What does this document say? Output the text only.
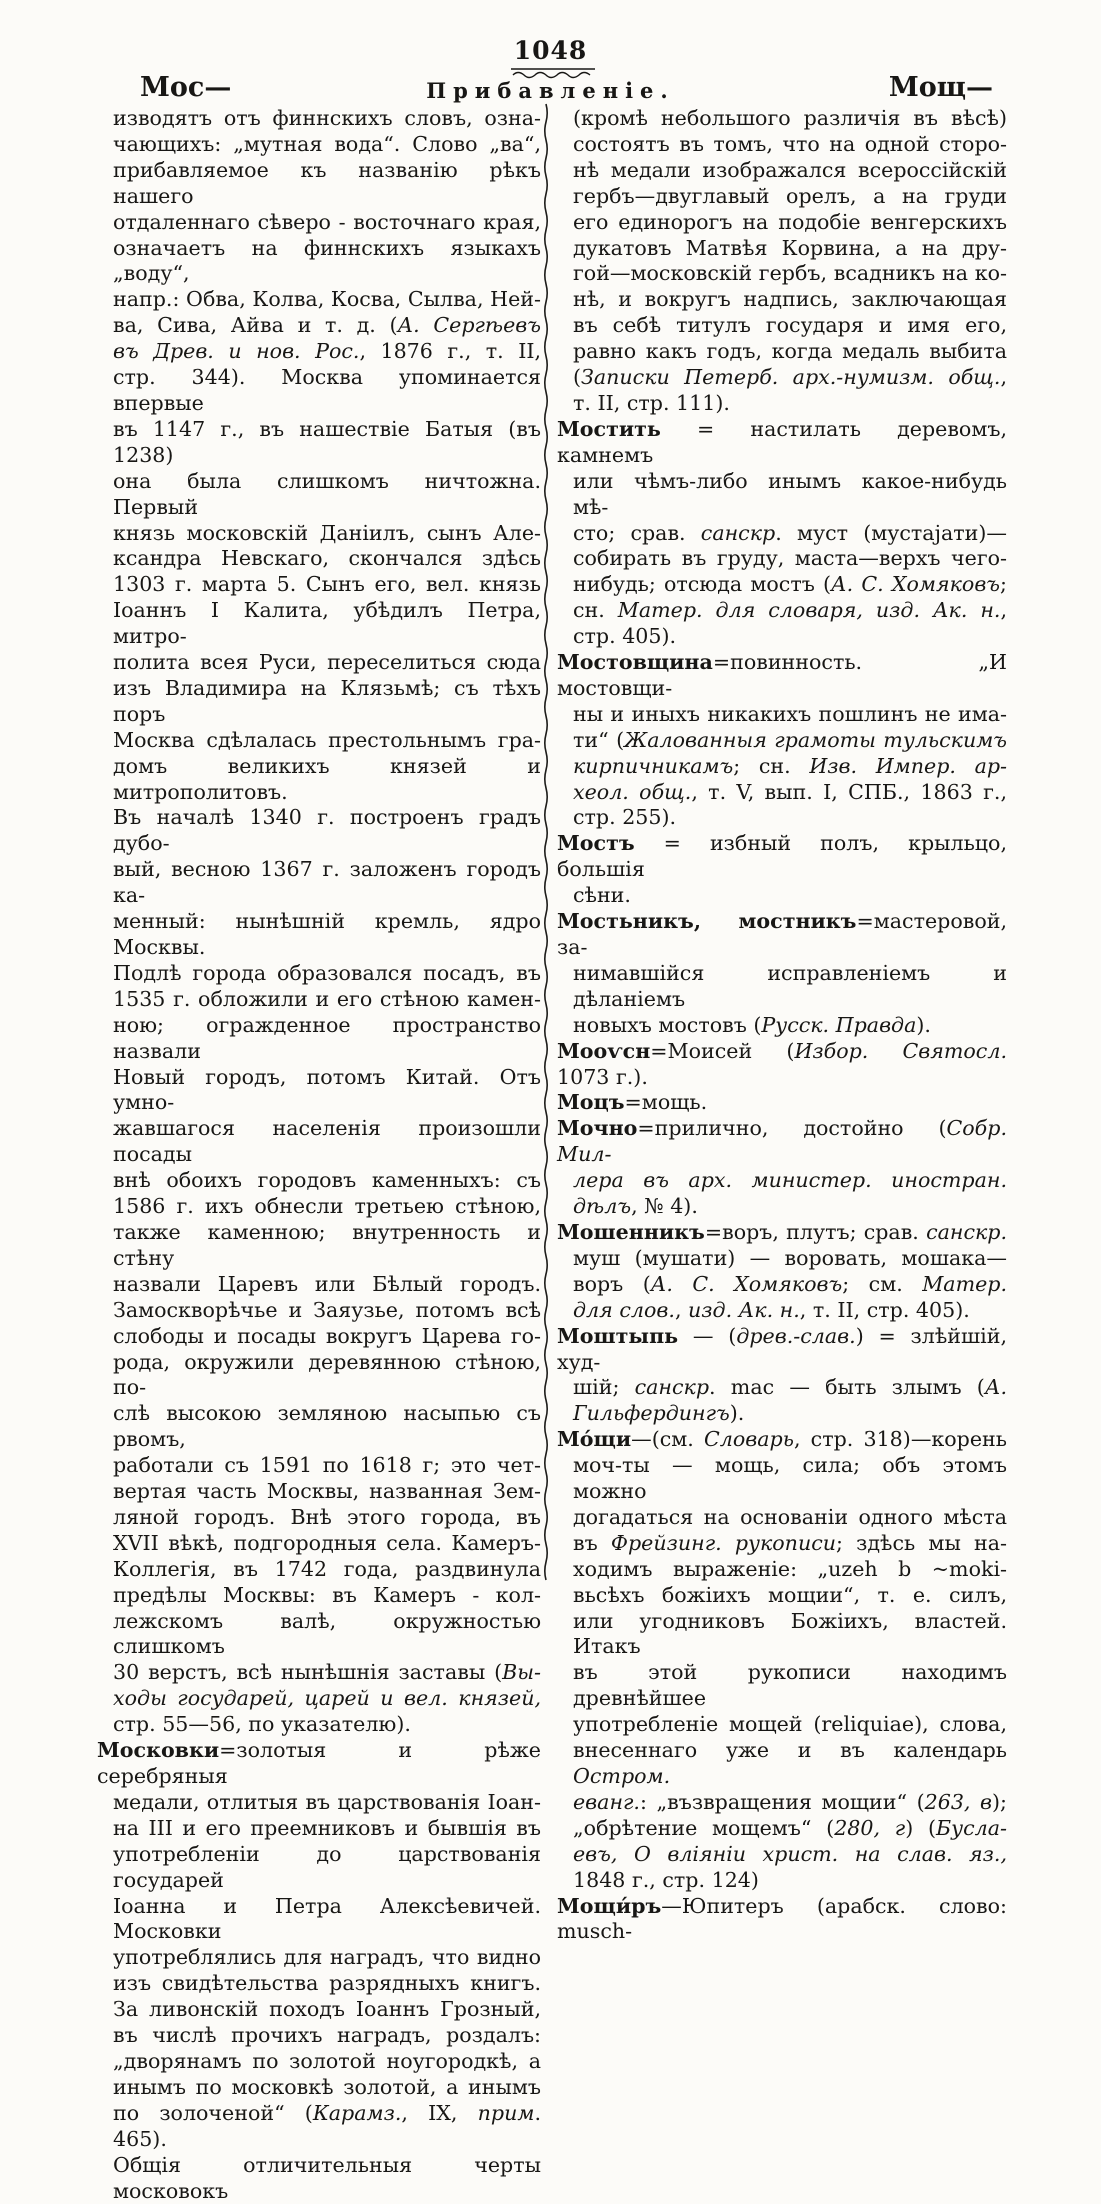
1048
Мос—	Прибавленіе.	Мощ—
изводятъ отъ финнскихъ словъ, озна-
чающихъ: „мутная вода“. Слово „ва“,
прибавляемое къ названію рѣкъ нашего
отдаленнаго сѣверо - восточнаго края,
означаетъ на финнскихъ языкахъ „воду“,
напр.: Обва, Колва, Косва, Сылва, Ней-
ва, Сива, Айва и т. д. (А. Сергѣевъ
въ Древ. и нов. Рос., 1876 г., т. II,
стр. 344). Москва упоминается впервые
въ 1147 г., въ нашествіе Батыя (въ 1238)
она была слишкомъ ничтожна. Первый
князь московскій Даніилъ, сынъ Але-
ксандра Невскаго, скончался здѣсь
1303 г. марта 5. Сынъ его, вел. князь
Іоаннъ I Калита, убѣдилъ Петра, митро-
полита всея Руси, переселиться сюда
изъ Владимира на Клязьмѣ; съ тѣхъ поръ
Москва сдѣлалась престольнымъ гра-
домъ великихъ князей и митрополитовъ.
Въ началѣ 1340 г. построенъ градъ дубо-
вый, весною 1367 г. заложенъ городъ ка-
менный: нынѣшній кремль, ядро Москвы.
Подлѣ города образовался посадъ, въ
1535 г. обложили и его стѣною камен-
ною; огражденное пространство назвали
Новый городъ, потомъ Китай. Отъ умно-
жавшагося населенія произошли посады
внѣ обоихъ городовъ каменныхъ: съ
1586 г. ихъ обнесли третьею стѣною,
также каменною; внутренность и стѣну
назвали Царевъ или Бѣлый городъ.
Замоскворѣчье и Заяузье, потомъ всѣ
слободы и посады вокругъ Царева го-
рода, окружили деревянною стѣною, по-
слѣ высокою земляною насыпью съ рвомъ,
работали съ 1591 по 1618 г; это чет-
вертая часть Москвы, названная Зем-
ляной городъ. Внѣ этого города, въ
XVII вѣкѣ, подгородныя села. Камеръ-
Коллегія, въ 1742 года, раздвинула
предѣлы Москвы: въ Камеръ - кол-
лежскомъ валѣ, окружностью слишкомъ
30 верстъ, всѣ нынѣшнія заставы (Вы-
ходы государей, царей и вел. князей,
стр. 55—56, по указателю).
Московки=золотыя и рѣже серебряныя
медали, отлитыя въ царствованія Іоан-
на III и его преемниковъ и бывшія въ
употребленіи до царствованія государей
Іоанна и Петра Алексѣевичей. Московки
употреблялись для наградъ, что видно
изъ свидѣтельства разрядныхъ книгъ.
За ливонскій походъ Іоаннъ Грозный,
въ числѣ прочихъ наградъ, роздалъ:
„дворянамъ по золотой ноугородкѣ, а
инымъ по московкѣ золотой, а инымъ
по золоченой“ (Карамз., IX, прим. 465).
Общія отличительныя черты московокъ
(кромѣ небольшого различія въ вѣсѣ)
состоятъ въ томъ, что на одной сторо-
нѣ медали изображался всероссійскій
гербъ—двуглавый орелъ, а на груди
его единорогъ на подобіе венгерскихъ
дукатовъ Матвѣя Корвина, а на дру-
гой—московскій гербъ, всадникъ на ко-
нѣ, и вокругъ надпись, заключающая
въ себѣ титулъ государя и имя его,
равно какъ годъ, когда медаль выбита
(Записки Петерб. арх.-нумизм. общ.,
т. II, стр. 111).
Мостить = настилать деревомъ, камнемъ
или чѣмъ-либо инымъ какое-нибудь мѣ-
сто; срав. санскр. муст (мустаjати)—
собирать въ груду, маста—верхъ чего-
нибудь; отсюда мостъ (А. С. Хомяковъ;
сн. Матер. для словаря, изд. Ак. н.,
стр. 405).
Мостовщина=повинность. „И мостовщи-
ны и иныхъ никакихъ пошлинъ не има-
ти“ (Жалованныя грамоты тульскимъ
кирпичникамъ; сн. Изв. Импер. ар-
хеол. общ., т. V, вып. I, СПБ., 1863 г.,
стр. 255).
Мостъ = избный полъ, крыльцо, большія
сѣни.
Мостьникъ, мостникъ=мастеровой, за-
нимавшійся исправленіемъ и дѣланіемъ
новыхъ мостовъ (Русск. Правда).
Мооѵсн=Моисей (Избор. Святосл. 1073 г.).
Моцъ=мощь.
Мочно=прилично, достойно (Собр. Мил-
лера въ арх. министер. иностран.
дѣлъ, № 4).
Мошенникъ=воръ, плутъ; срав. санскр.
муш (мушати) — воровать, мошака—
воръ (А. С. Хомяковъ; см. Матер.
для слов., изд. Ак. н., т. II, стр. 405).
Моштыпь — (древ.-слав.) = злѣйшій, худ-
шій; санскр. mac — быть злымъ (А.
Гильфердингъ).
Мо́щи—(см. Словарь, стр. 318)—корень
моч-ты — мощь, сила; объ этомъ можно
догадаться на основаніи одного мѣста
въ Фрейзинг. рукописи; здѣсь мы на-
ходимъ выраженіе: „uzeh b ~moki-
вьсѣхъ божіихъ мощии“, т. е. силъ,
или угодниковъ Божіихъ, властей. Итакъ
въ этой рукописи находимъ древнѣйшее
употребленіе мощей (reliquiae), слова,
внесеннаго уже и въ календарь Остром.
еванг.: „възвращения мощии“ (263, в);
„обрѣтение мощемъ“ (280, г) (Бусла-
евъ, О вліяніи христ. на слав. яз.,
1848 г., стр. 124)
Мощи́ръ—Юпитеръ (арабск. слово: musch-
